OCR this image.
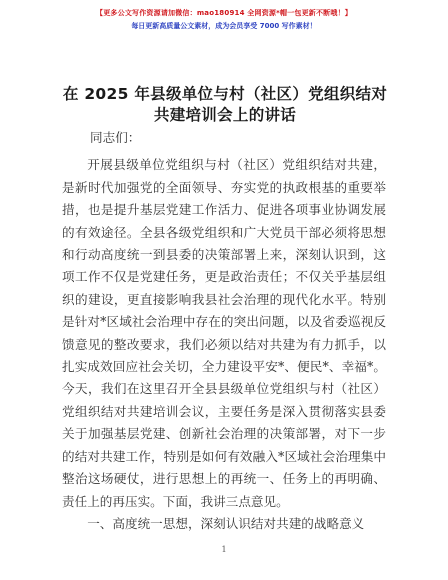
【更多公文写作资源请加微信：mao180914 全网资源*帽一包更新不断哦！】
每日更新高质量公文素材，成为会员享受 7000 写作素材！
在 2025 年县级单位与村（社区）党组织结对共建培训会上的讲话

同志们：

开展县级单位党组织与村（社区）党组织结对共建，是新时代加强党的全面领导、夯实党的执政根基的重要举措，也是提升基层党建工作活力、促进各项事业协调发展的有效途径。全县各级党组织和广大党员干部必须将思想和行动高度统一到县委的决策部署上来，深刻认识到，这项工作不仅是党建任务，更是政治责任；不仅关乎基层组织的建设，更直接影响我县社会治理的现代化水平。特别是针对*区域社会治理中存在的突出问题，以及省委巡视反馈意见的整改要求，我们必须以结对共建为有力抓手，以扎实成效回应社会关切，全力建设平安*、便民*、幸福*。今天，我们在这里召开全县县级单位党组织与村（社区）党组织结对共建培训会议，主要任务是深入贯彻落实县委关于加强基层党建、创新社会治理的决策部署，对下一步的结对共建工作，特别是如何有效融入*区域社会治理集中整治这场硬仗，进行思想上的再统一、任务上的再明确、责任上的再压实。下面，我讲三点意见。

一、高度统一思想，深刻认识结对共建的战略意义

1
